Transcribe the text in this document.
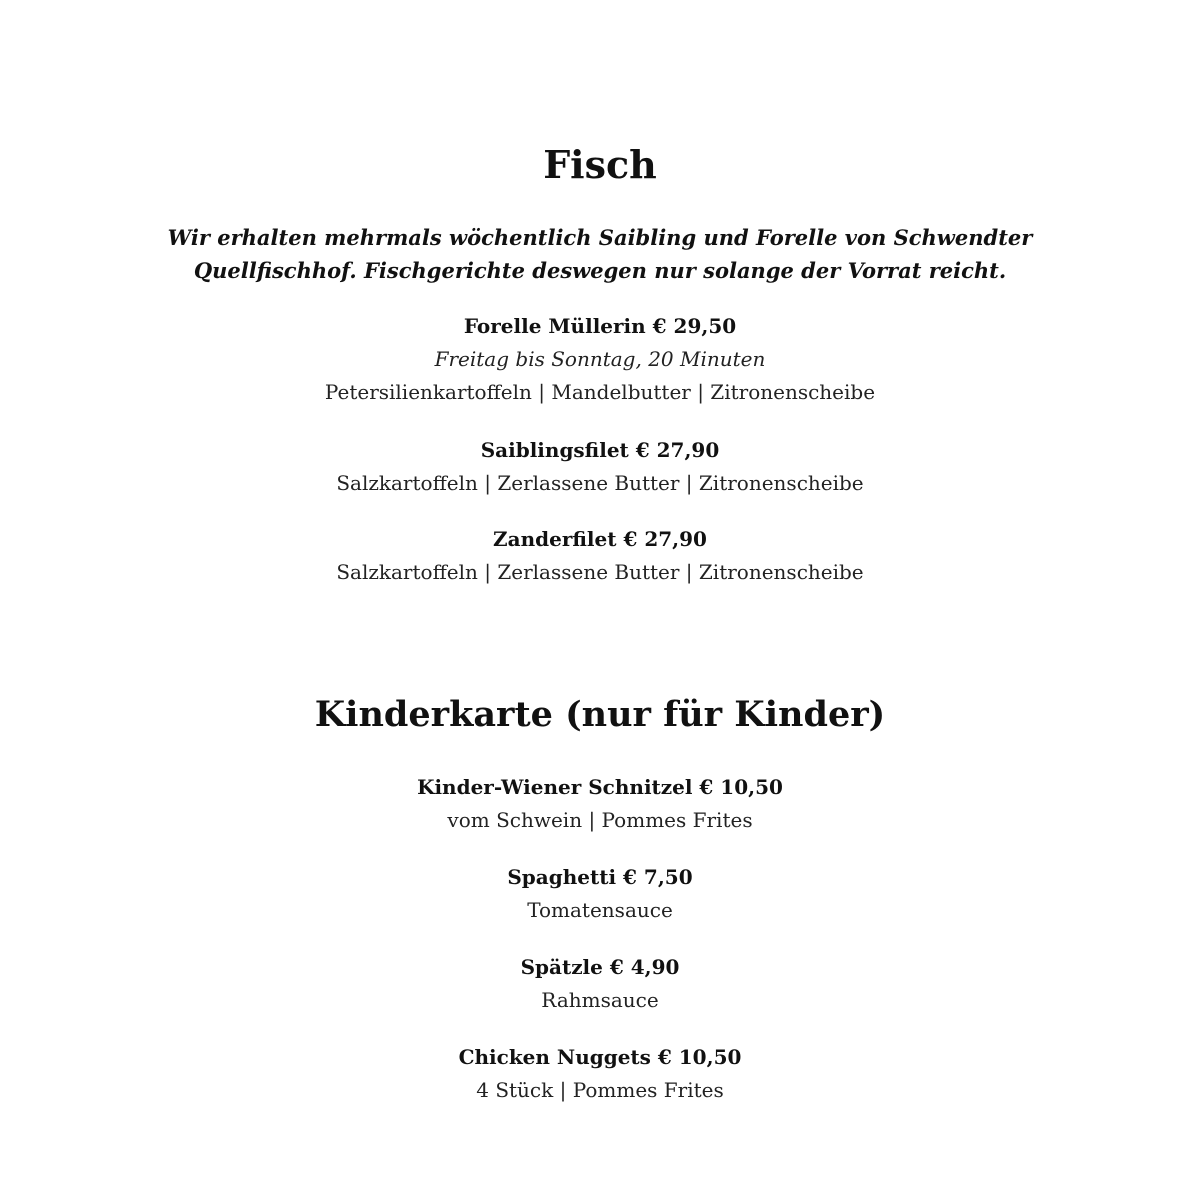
Fisch

Wir erhalten mehrmals wöchentlich Saibling und Forelle von Schwendter
Quellfischhof. Fischgerichte deswegen nur solange der Vorrat reicht.

Forelle Müllerin € 29,50
Freitag bis Sonntag, 20 Minuten
Petersilienkartoffeln | Mandelbutter | Zitronenscheibe
Saiblingsfilet € 27,90
Salzkartoffeln | Zerlassene Butter | Zitronenscheibe
Zanderfilet € 27,90
Salzkartoffeln | Zerlassene Butter | Zitronenscheibe
Kinderkarte (nur für Kinder)
Kinder-Wiener Schnitzel € 10,50
vom Schwein | Pommes Frites
Spaghetti € 7,50
Tomatensauce
Spätzle € 4,90
Rahmsauce
Chicken Nuggets € 10,50
4 Stück | Pommes Frites
